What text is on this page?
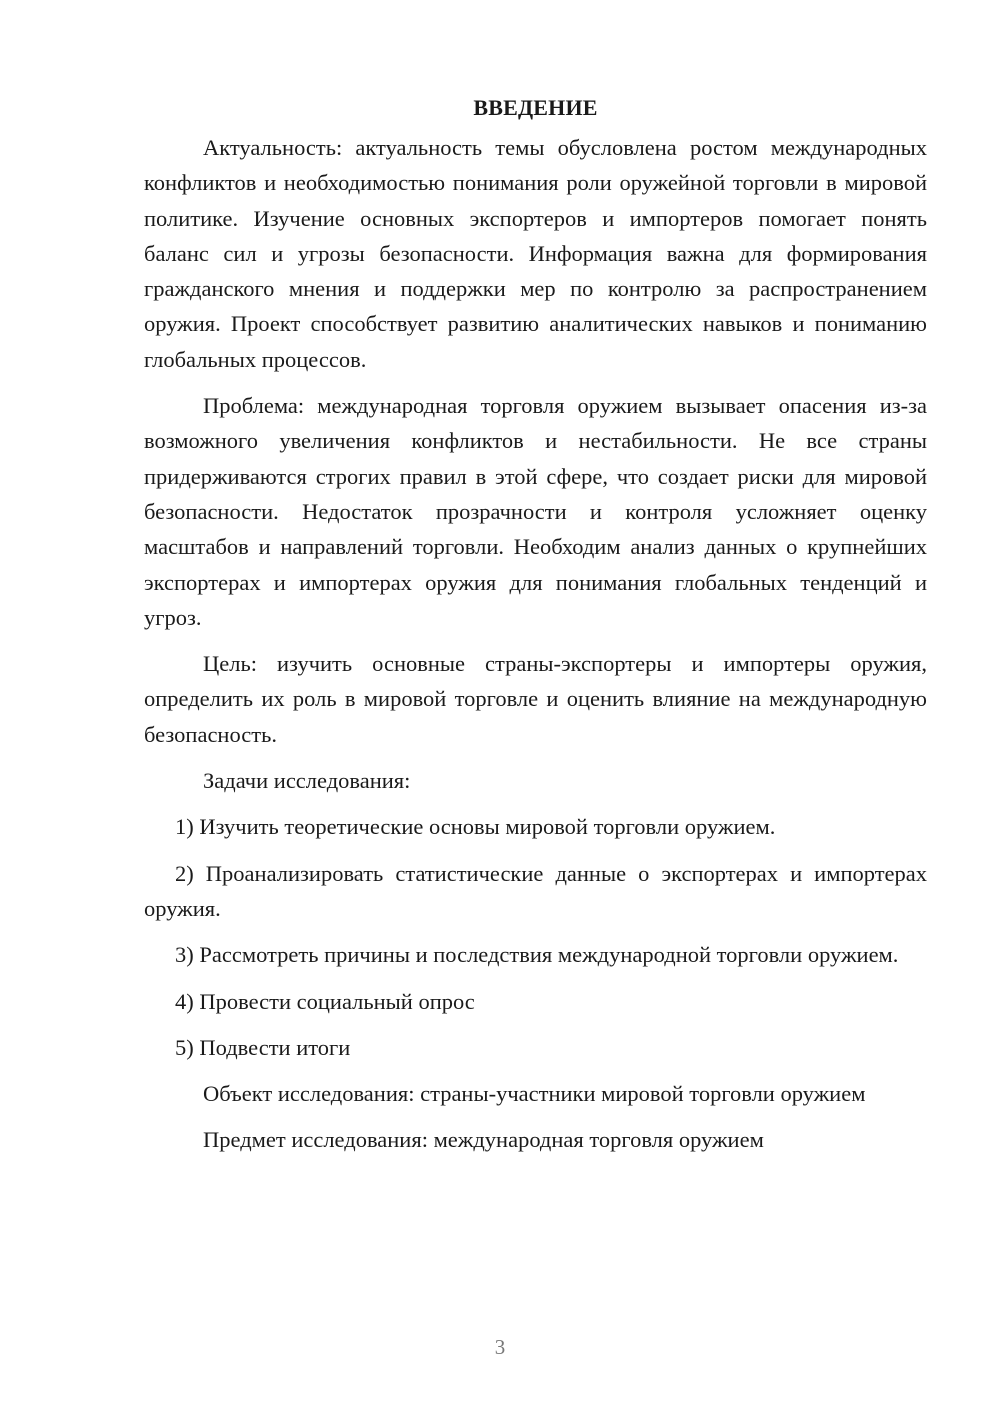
ВВЕДЕНИЕ

Актуальность: актуальность темы обусловлена ростом международных конфликтов и необходимостью понимания роли оружейной торговли в мировой политике. Изучение основных экспортеров и импортеров помогает понять баланс сил и угрозы безопасности. Информация важна для формирования гражданского мнения и поддержки мер по контролю за распространением оружия. Проект способствует развитию аналитических навыков и пониманию глобальных процессов.

Проблема: международная торговля оружием вызывает опасения из-за возможного увеличения конфликтов и нестабильности. Не все страны придерживаются строгих правил в этой сфере, что создает риски для мировой безопасности. Недостаток прозрачности и контроля усложняет оценку масштабов и направлений торговли. Необходим анализ данных о крупнейших экспортерах и импортерах оружия для понимания глобальных тенденций и угроз.

Цель: изучить основные страны-экспортеры и импортеры оружия, определить их роль в мировой торговле и оценить влияние на международную безопасность.

Задачи исследования:

1) Изучить теоретические основы мировой торговли оружием.

2) Проанализировать статистические данные о экспортерах и импортерах оружия.

3) Рассмотреть причины и последствия международной торговли оружием.

4) Провести социальный опрос

5) Подвести итоги

Объект исследования: страны-участники мировой торговли оружием

Предмет исследования: международная торговля оружием

3
